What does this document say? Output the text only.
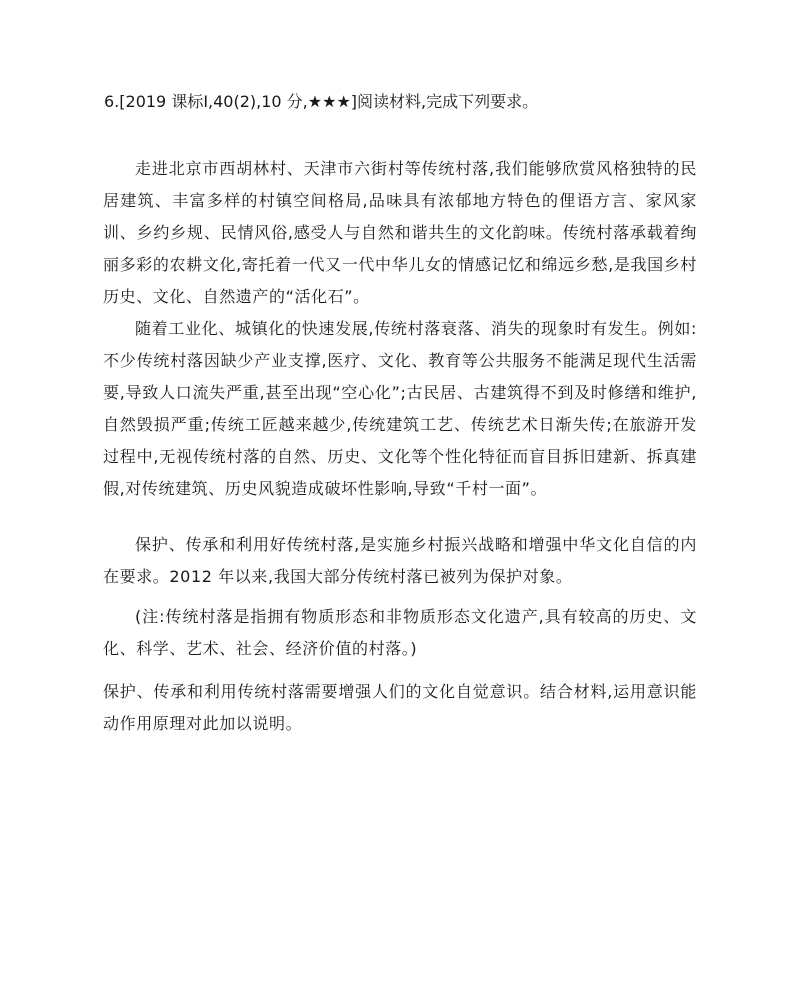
6.[2019 课标Ⅰ,40(2),10 分,★★★]阅读材料,完成下列要求。

走进北京市西胡林村、天津市六街村等传统村落,我们能够欣赏风格独特的民居建筑、丰富多样的村镇空间格局,品味具有浓郁地方特色的俚语方言、家风家训、乡约乡规、民情风俗,感受人与自然和谐共生的文化韵味。传统村落承载着绚丽多彩的农耕文化,寄托着一代又一代中华儿女的情感记忆和绵远乡愁,是我国乡村历史、文化、自然遗产的“活化石”。

随着工业化、城镇化的快速发展,传统村落衰落、消失的现象时有发生。例如:不少传统村落因缺少产业支撑,医疗、文化、教育等公共服务不能满足现代生活需要,导致人口流失严重,甚至出现“空心化”;古民居、古建筑得不到及时修缮和维护,自然毁损严重;传统工匠越来越少,传统建筑工艺、传统艺术日渐失传;在旅游开发过程中,无视传统村落的自然、历史、文化等个性化特征而盲目拆旧建新、拆真建假,对传统建筑、历史风貌造成破坏性影响,导致“千村一面”。

保护、传承和利用好传统村落,是实施乡村振兴战略和增强中华文化自信的内在要求。2012 年以来,我国大部分传统村落已被列为保护对象。

(注:传统村落是指拥有物质形态和非物质形态文化遗产,具有较高的历史、文化、科学、艺术、社会、经济价值的村落。)

保护、传承和利用传统村落需要增强人们的文化自觉意识。结合材料,运用意识能动作用原理对此加以说明。
